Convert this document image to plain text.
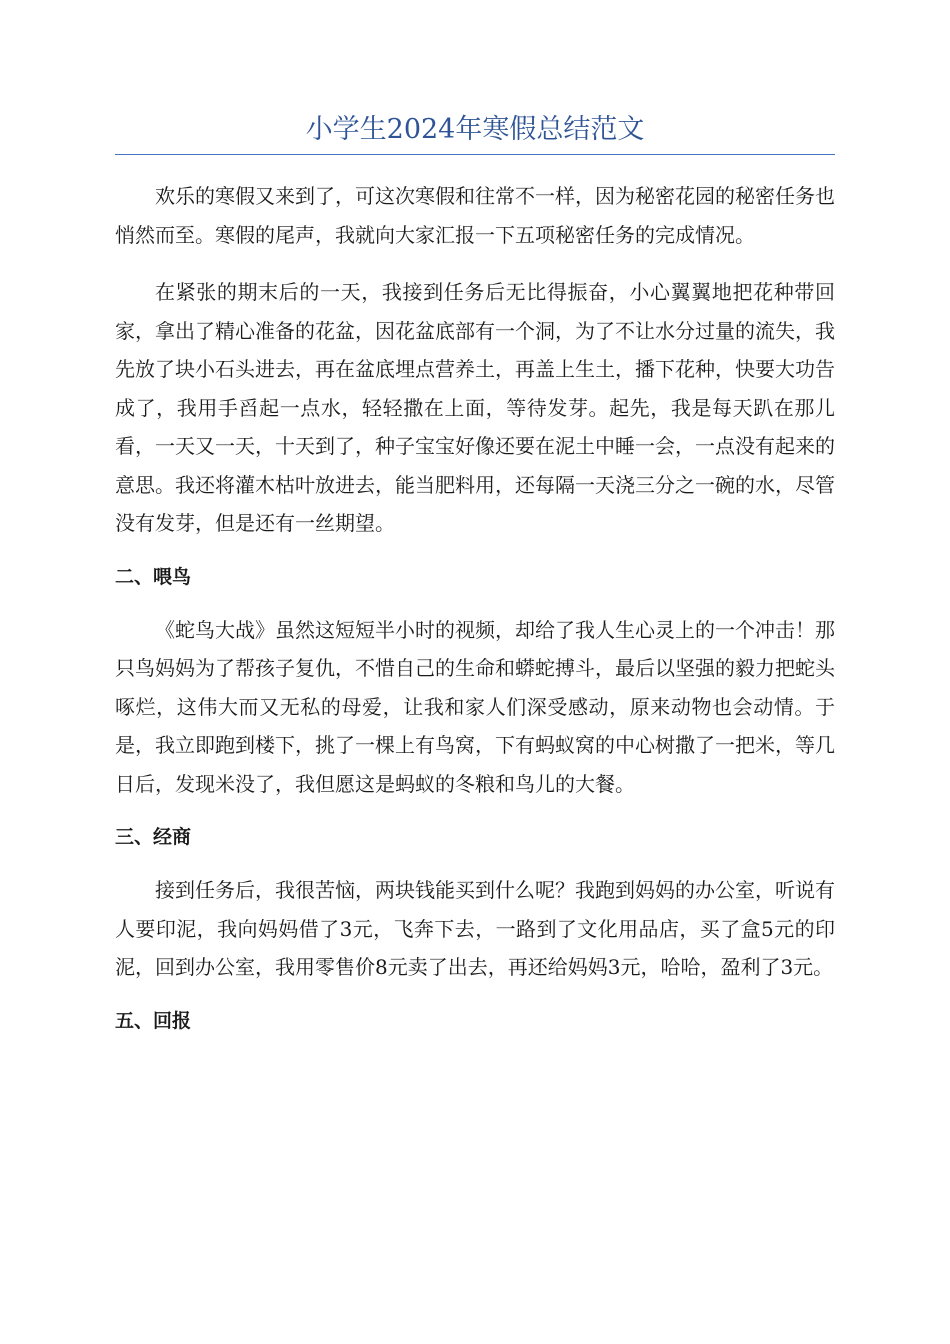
小学生2024年寒假总结范文

欢乐的寒假又来到了，可这次寒假和往常不一样，因为秘密花园的秘密任务也悄然而至。寒假的尾声，我就向大家汇报一下五项秘密任务的完成情况。

在紧张的期末后的一天，我接到任务后无比得振奋，小心翼翼地把花种带回家，拿出了精心准备的花盆，因花盆底部有一个洞，为了不让水分过量的流失，我先放了块小石头进去，再在盆底埋点营养土，再盖上生土，播下花种，快要大功告成了，我用手舀起一点水，轻轻撒在上面，等待发芽。起先，我是每天趴在那儿看，一天又一天，十天到了，种子宝宝好像还要在泥土中睡一会，一点没有起来的意思。我还将灌木枯叶放进去，能当肥料用，还每隔一天浇三分之一碗的水，尽管没有发芽，但是还有一丝期望。

二、喂鸟

《蛇鸟大战》虽然这短短半小时的视频，却给了我人生心灵上的一个冲击！那只鸟妈妈为了帮孩子复仇，不惜自己的生命和蟒蛇搏斗，最后以坚强的毅力把蛇头啄烂，这伟大而又无私的母爱，让我和家人们深受感动，原来动物也会动情。于是，我立即跑到楼下，挑了一棵上有鸟窝，下有蚂蚁窝的中心树撒了一把米，等几日后，发现米没了，我但愿这是蚂蚁的冬粮和鸟儿的大餐。

三、经商

接到任务后，我很苦恼，两块钱能买到什么呢？我跑到妈妈的办公室，听说有人要印泥，我向妈妈借了3元，飞奔下去，一路到了文化用品店，买了盒5元的印泥，回到办公室，我用零售价8元卖了出去，再还给妈妈3元，哈哈，盈利了3元。

五、回报
